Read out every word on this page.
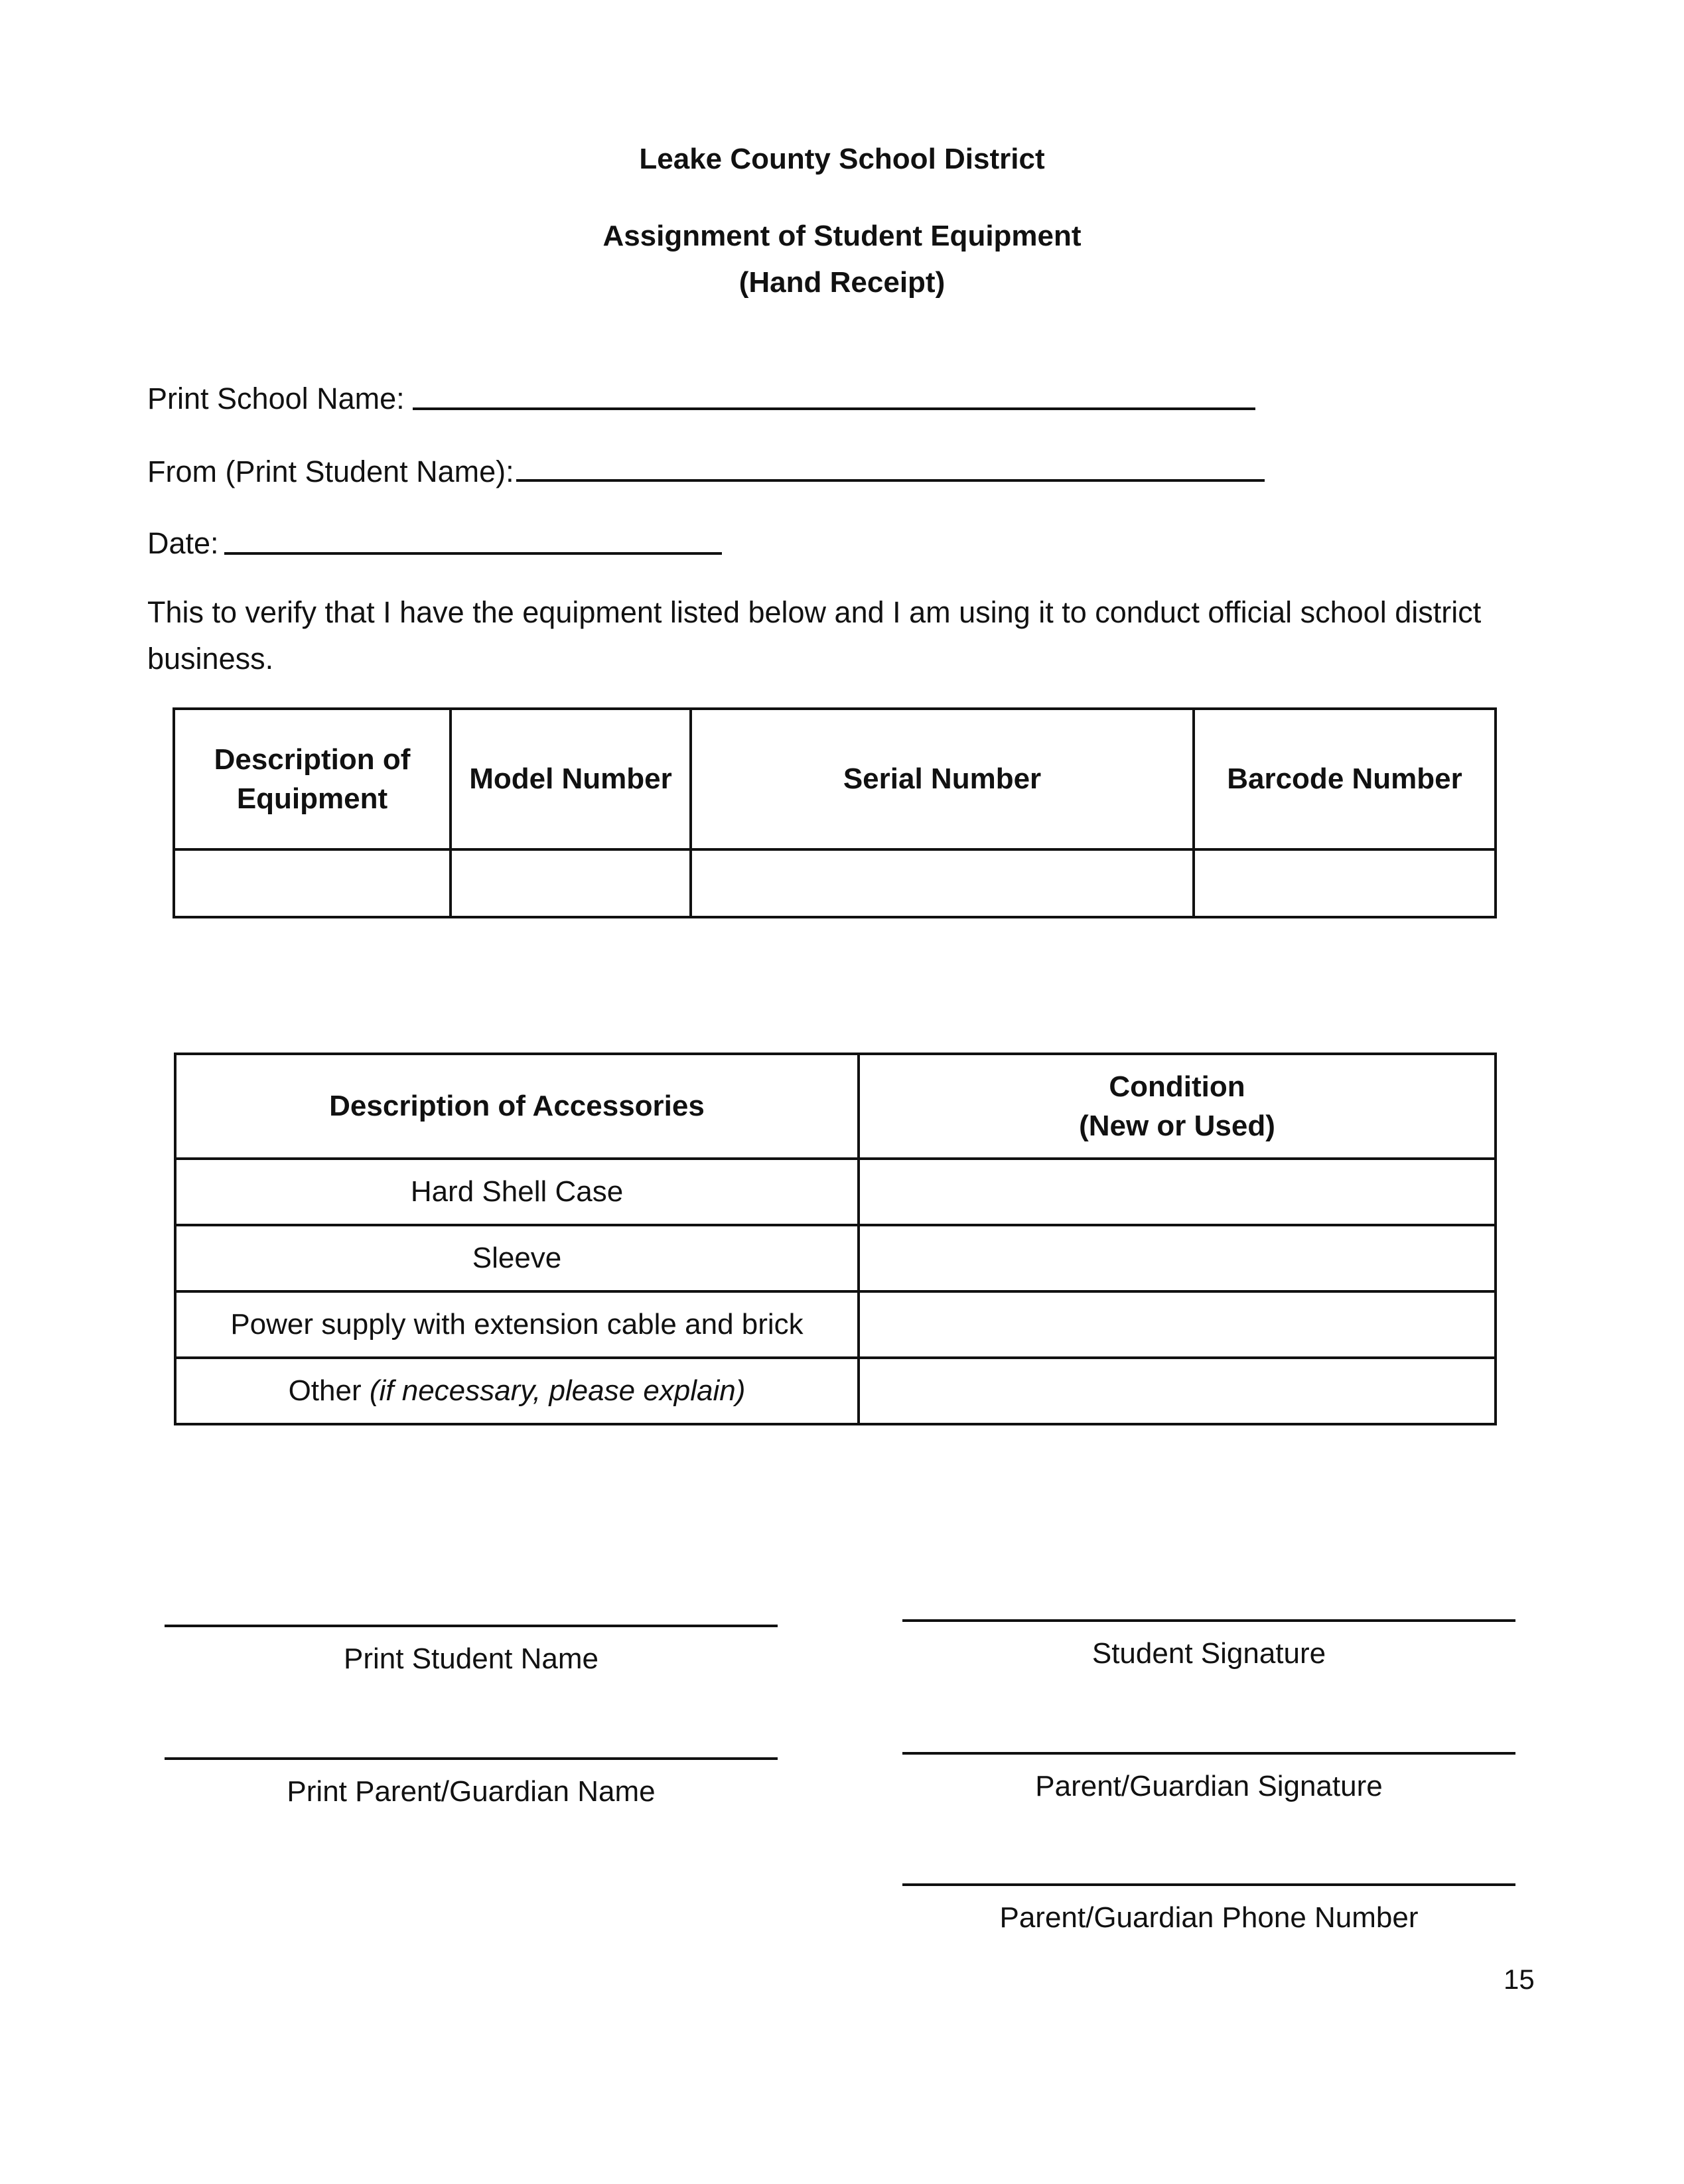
Leake County School District
Assignment of Student Equipment
(Hand Receipt)
Print School Name:
From (Print Student Name):
Date:
This to verify that I have the equipment listed below and I am using it to conduct official school district business.
Description of Equipment	Model Number	Serial Number	Barcode Number

Description of Accessories	Condition
(New or Used)

Hard Shell Case	
Sleeve	
Power supply with extension cable and brick	
Other (if necessary, please explain)	
Print Student Name	Student Signature
Print Parent/Guardian Name	Parent/Guardian Signature
Parent/Guardian Phone Number
15
